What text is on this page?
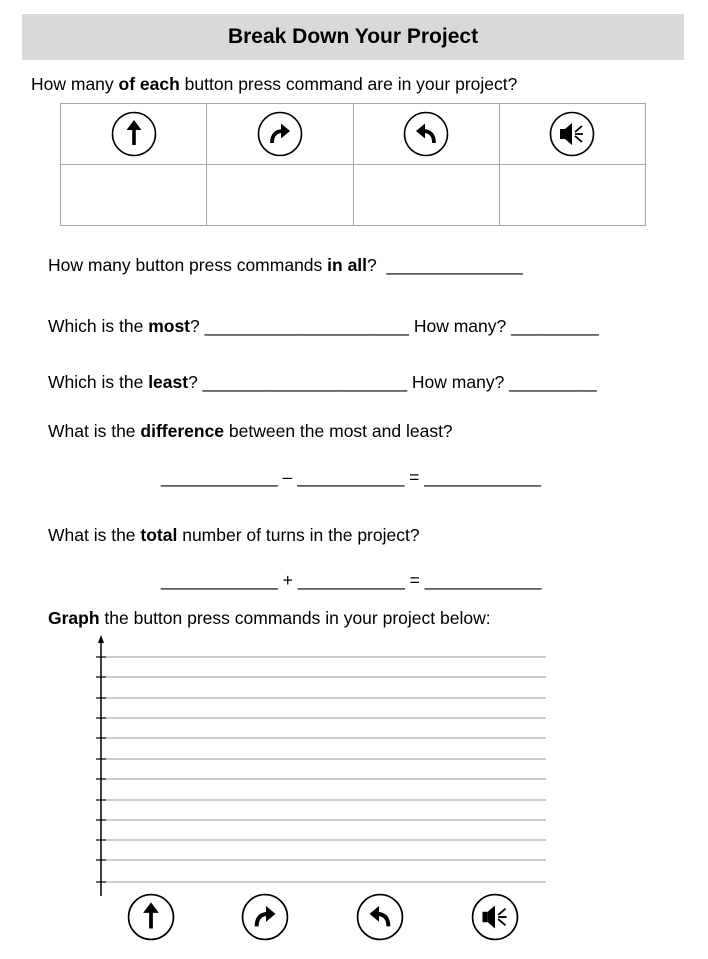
Break Down Your Project
How many of each button press command are in your project?

How many button press commands in all? ______________
Which is the most? _____________________ How many? _________
Which is the least? _____________________ How many? _________
What is the difference between the most and least?
____________ – ___________ = ____________
What is the total number of turns in the project?
____________ + ___________ = ____________
Graph the button press commands in your project below:
